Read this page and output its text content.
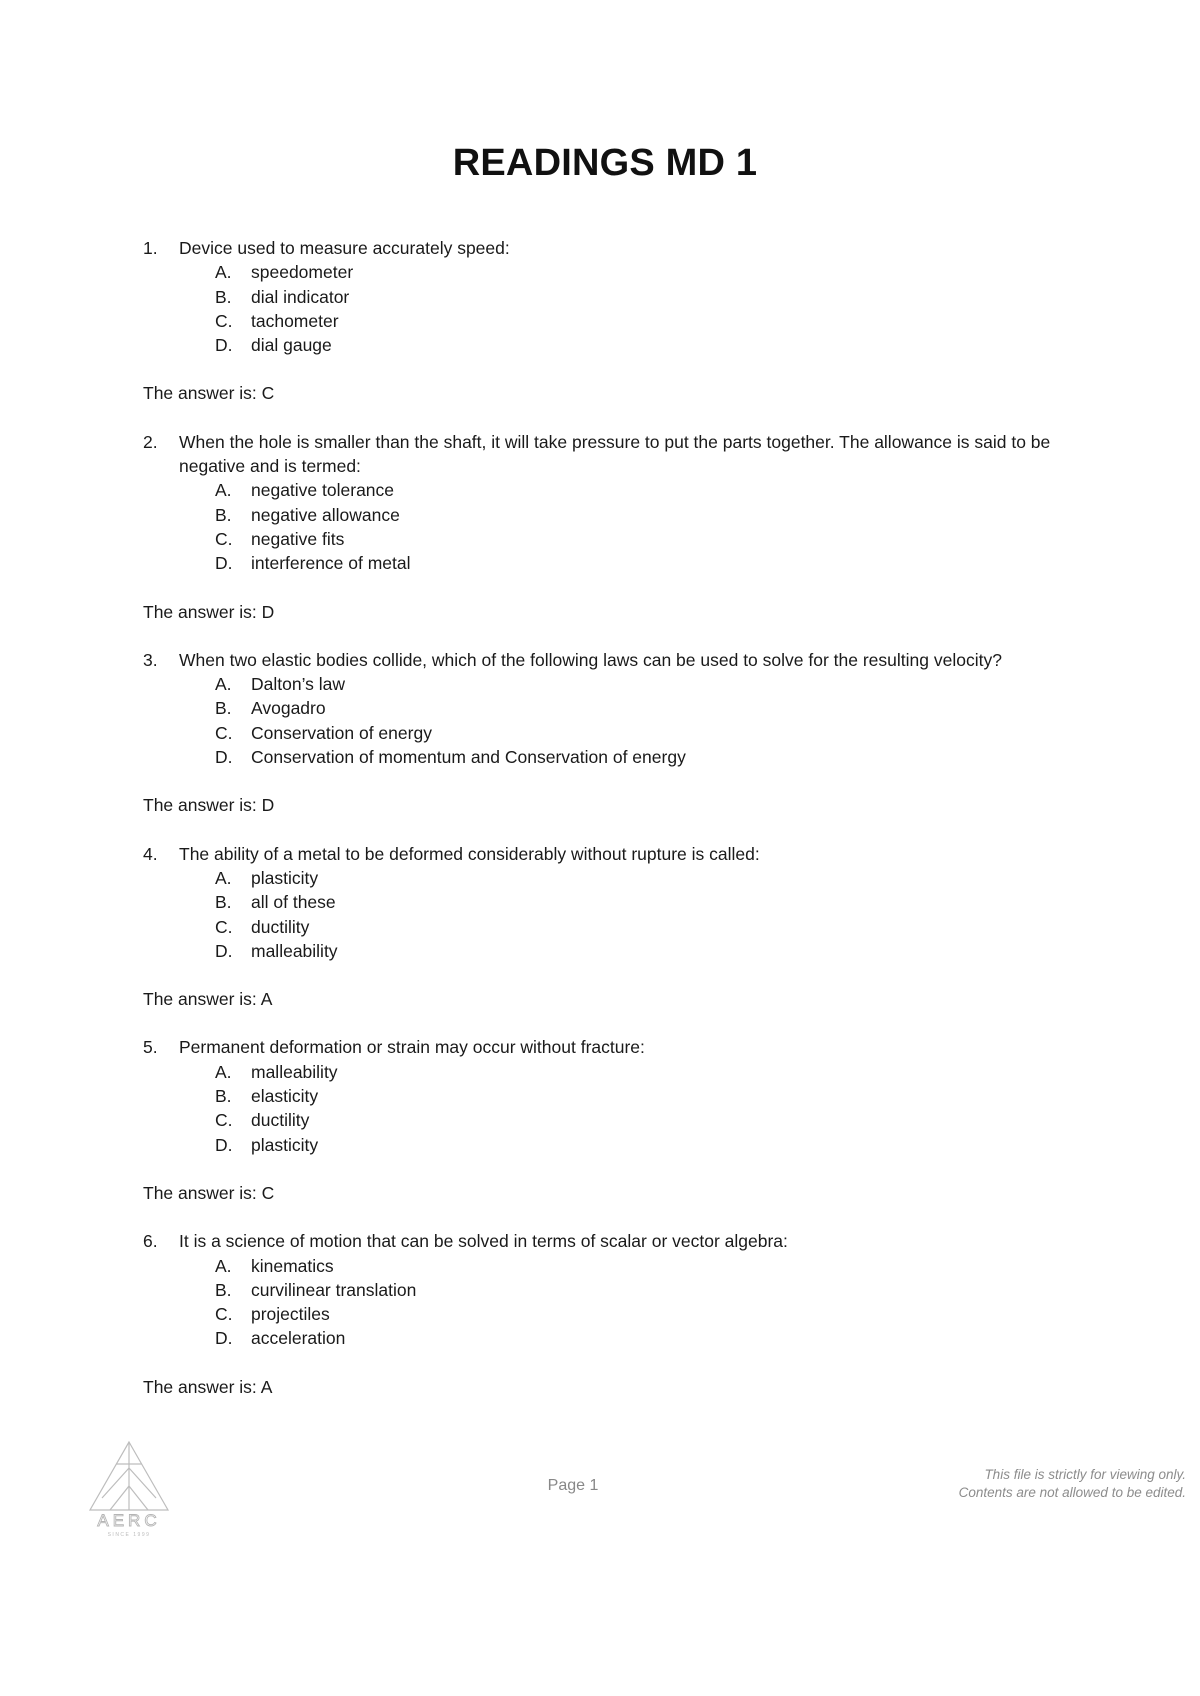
READINGS MD 1
1.	Device used to measure accurately speed:
A.	speedometer
B.	dial indicator
C.	tachometer
D.	dial gauge
The answer is: C
2.	When the hole is smaller than the shaft, it will take pressure to put the parts together. The allowance is said to be negative and is termed:
A.	negative tolerance
B.	negative allowance
C.	negative fits
D.	interference of metal
The answer is: D
3.	When two elastic bodies collide, which of the following laws can be used to solve for the resulting velocity?
A.	Dalton’s law
B.	Avogadro
C.	Conservation of energy
D.	Conservation of momentum and Conservation of energy
The answer is: D
4.	The ability of a metal to be deformed considerably without rupture is called:
A.	plasticity
B.	all of these
C.	ductility
D.	malleability
The answer is: A
5.	Permanent deformation or strain may occur without fracture:
A.	malleability
B.	elasticity
C.	ductility
D.	plasticity
The answer is: C
6.	It is a science of motion that can be solved in terms of scalar or vector algebra:
A.	kinematics
B.	curvilinear translation
C.	projectiles
D.	acceleration
The answer is: A
AERC
SINCE 1999
Page 1
This file is strictly for viewing only.
Contents are not allowed to be edited.
